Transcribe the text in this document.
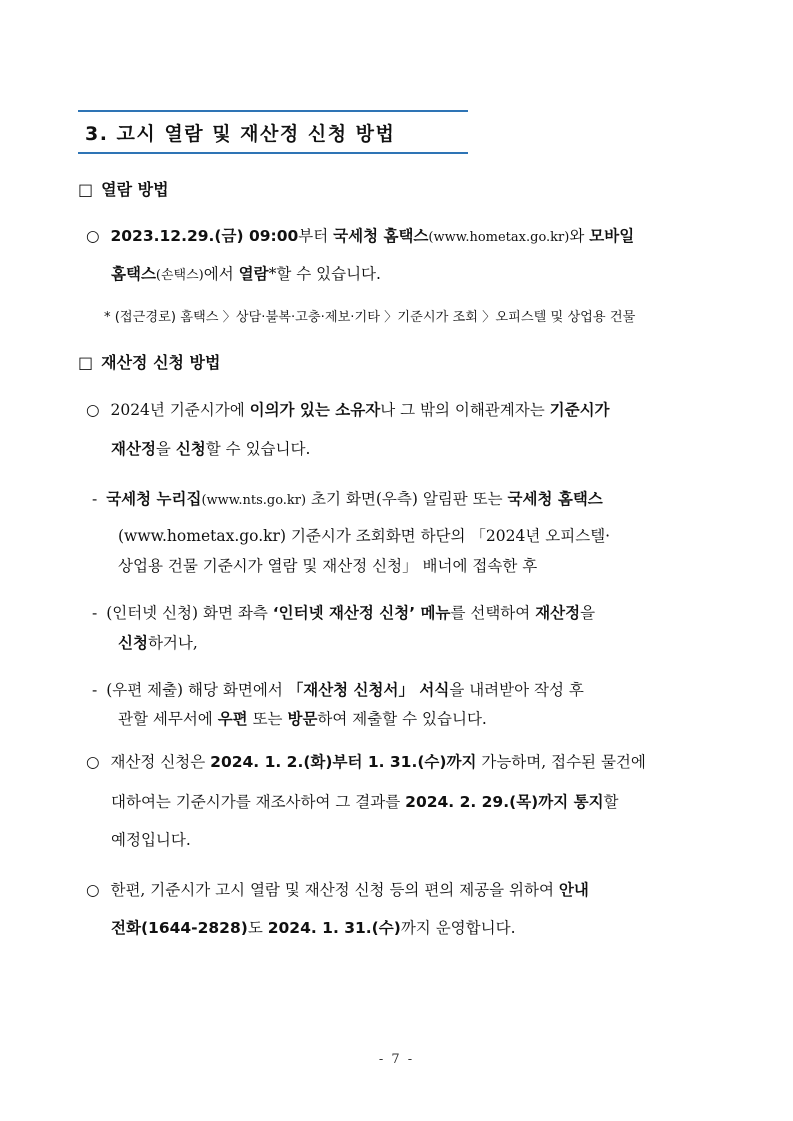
3. 고시 열람 및 재산정 신청 방법
□ 열람 방법
○ 2023.12.29.(금) 09:00부터 국세청 홈택스(www.hometax.go.kr)와 모바일
홈택스(손택스)에서 열람*할 수 있습니다.
* (접근경로) 홈택스 〉상담·불복·고충·제보·기타 〉기준시가 조회 〉오피스텔 및 상업용 건물
□ 재산정 신청 방법
○ 2024년 기준시가에 이의가 있는 소유자나 그 밖의 이해관계자는 기준시가
재산정을 신청할 수 있습니다.
- 국세청 누리집(www.nts.go.kr) 초기 화면(우측) 알림판 또는 국세청 홈택스
(www.hometax.go.kr) 기준시가 조회화면 하단의 「2024년 오피스텔·
상업용 건물 기준시가 열람 및 재산정 신청」 배너에 접속한 후
- (인터넷 신청) 화면 좌측 ‘인터넷 재산정 신청’ 메뉴를 선택하여 재산정을
신청하거나,
- (우편 제출) 해당 화면에서 「재산청 신청서」 서식을 내려받아 작성 후
관할 세무서에 우편 또는 방문하여 제출할 수 있습니다.
○ 재산정 신청은 2024. 1. 2.(화)부터 1. 31.(수)까지 가능하며, 접수된 물건에
대하여는 기준시가를 재조사하여 그 결과를 2024. 2. 29.(목)까지 통지할
예정입니다.
○ 한편, 기준시가 고시 열람 및 재산정 신청 등의 편의 제공을 위하여 안내
전화(1644-2828)도 2024. 1. 31.(수)까지 운영합니다.
- 7 -
